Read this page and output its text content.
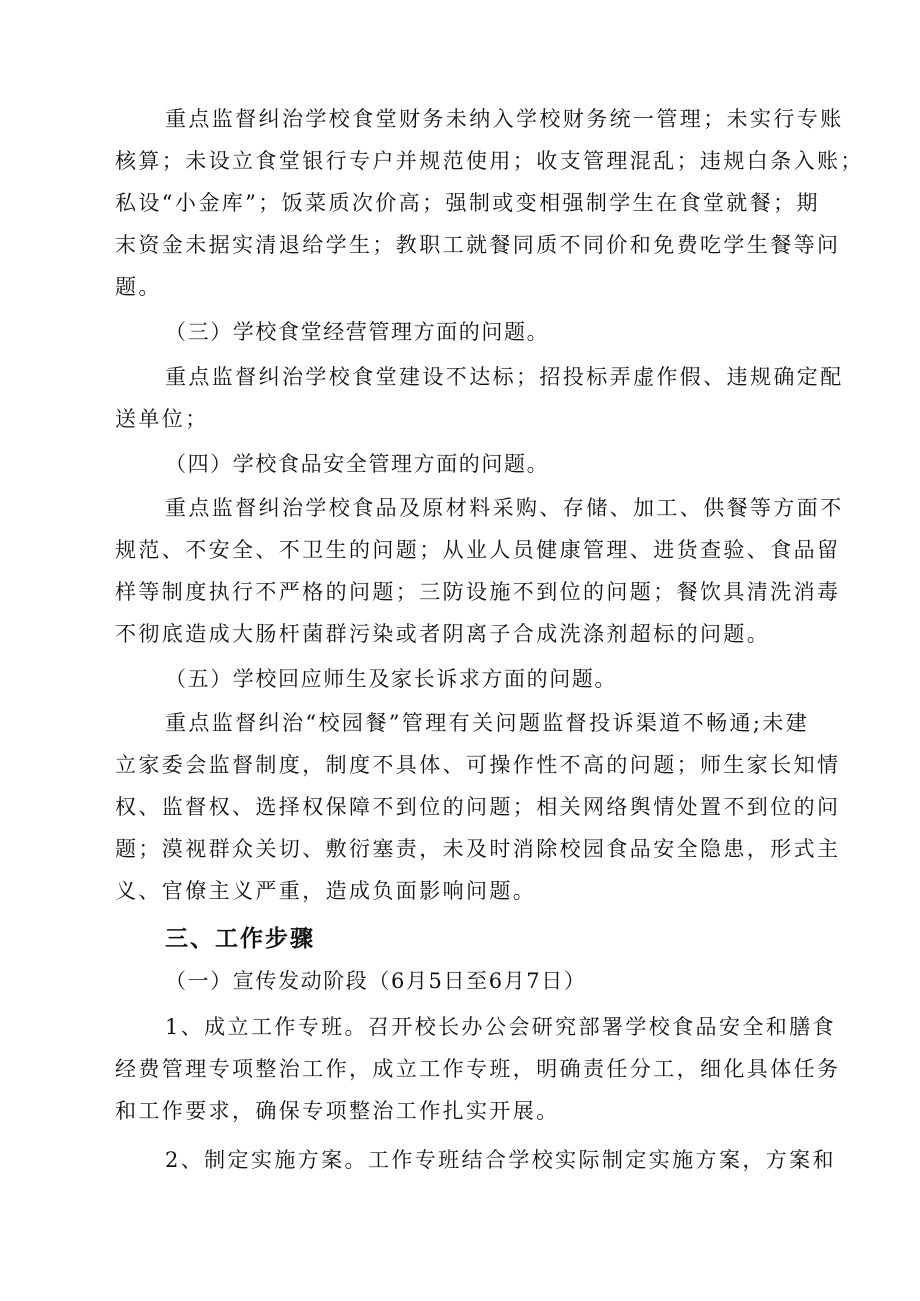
重点监督纠治学校食堂财务未纳入学校财务统一管理；未实行专账
核算；未设立食堂银行专户并规范使用；收支管理混乱；违规白条入账；
私设“小金库”；饭菜质次价高；强制或变相强制学生在食堂就餐；期
末资金未据实清退给学生；教职工就餐同质不同价和免费吃学生餐等问
题。
（三）学校食堂经营管理方面的问题。
重点监督纠治学校食堂建设不达标；招投标弄虚作假、违规确定配
送单位；
（四）学校食品安全管理方面的问题。
重点监督纠治学校食品及原材料采购、存储、加工、供餐等方面不
规范、不安全、不卫生的问题；从业人员健康管理、进货查验、食品留
样等制度执行不严格的问题；三防设施不到位的问题；餐饮具清洗消毒
不彻底造成大肠杆菌群污染或者阴离子合成洗涤剂超标的问题。
（五）学校回应师生及家长诉求方面的问题。
重点监督纠治“校园餐”管理有关问题监督投诉渠道不畅通;未建
立家委会监督制度，制度不具体、可操作性不高的问题；师生家长知情
权、监督权、选择权保障不到位的问题；相关网络舆情处置不到位的问
题；漠视群众关切、敷衍塞责，未及时消除校园食品安全隐患，形式主
义、官僚主义严重，造成负面影响问题。
三、工作步骤
（一）宣传发动阶段（6月5日至6月7日）
1、成立工作专班。召开校长办公会研究部署学校食品安全和膳食
经费管理专项整治工作，成立工作专班，明确责任分工，细化具体任务
和工作要求，确保专项整治工作扎实开展。
2、制定实施方案。工作专班结合学校实际制定实施方案，方案和
